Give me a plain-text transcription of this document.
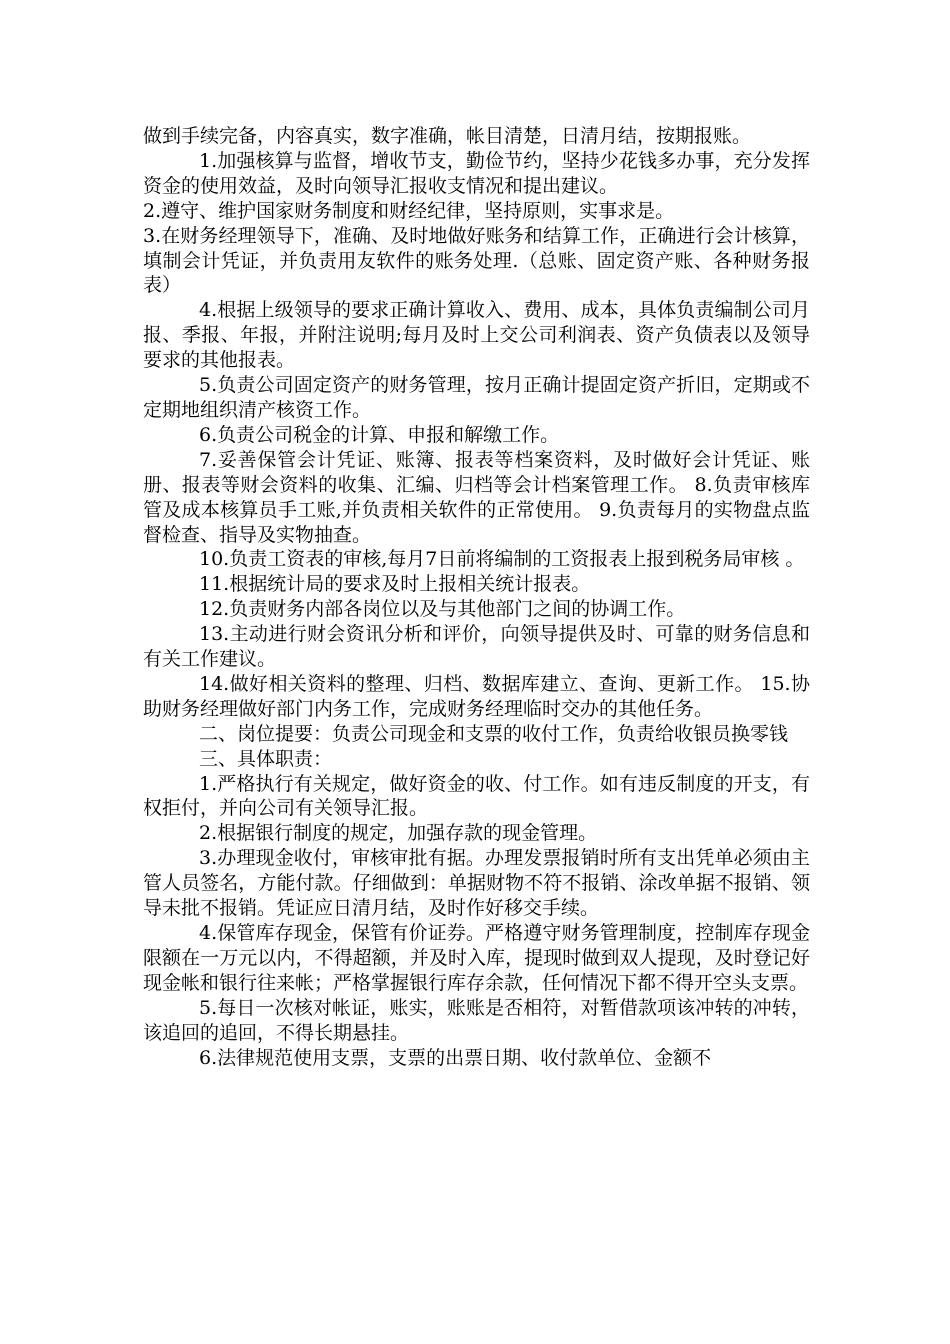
做到手续完备，内容真实，数字准确，帐目清楚，日清月结，按期报账。

1.加强核算与监督，增收节支，勤俭节约，坚持少花钱多办事，充分发挥资金的使用效益，及时向领导汇报收支情况和提出建议。

2.遵守、维护国家财务制度和财经纪律，坚持原则，实事求是。

3.在财务经理领导下，准确、及时地做好账务和结算工作，正确进行会计核算，填制会计凭证，并负责用友软件的账务处理.（总账、固定资产账、各种财务报表）

4.根据上级领导的要求正确计算收入、费用、成本，具体负责编制公司月报、季报、年报，并附注说明;每月及时上交公司利润表、资产负债表以及领导要求的其他报表。

5.负责公司固定资产的财务管理，按月正确计提固定资产折旧，定期或不定期地组织清产核资工作。

6.负责公司税金的计算、申报和解缴工作。

7.妥善保管会计凭证、账簿、报表等档案资料，及时做好会计凭证、账册、报表等财会资料的收集、汇编、归档等会计档案管理工作。 8.负责审核库管及成本核算员手工账,并负责相关软件的正常使用。 9.负责每月的实物盘点监督检查、指导及实物抽查。

10.负责工资表的审核,每月7日前将编制的工资报表上报到税务局审核 。

11.根据统计局的要求及时上报相关统计报表。

12.负责财务内部各岗位以及与其他部门之间的协调工作。

13.主动进行财会资讯分析和评价，向领导提供及时、可靠的财务信息和有关工作建议。

14.做好相关资料的整理、归档、数据库建立、查询、更新工作。 15.协助财务经理做好部门内务工作，完成财务经理临时交办的其他任务。

二、岗位提要：负责公司现金和支票的收付工作，负责给收银员换零钱

三、具体职责：

1.严格执行有关规定，做好资金的收、付工作。如有违反制度的开支，有权拒付，并向公司有关领导汇报。

2.根据银行制度的规定，加强存款的现金管理。

3.办理现金收付，审核审批有据。办理发票报销时所有支出凭单必须由主管人员签名，方能付款。仔细做到：单据财物不符不报销、涂改单据不报销、领导未批不报销。凭证应日清月结，及时作好移交手续。

4.保管库存现金，保管有价证券。严格遵守财务管理制度，控制库存现金限额在一万元以内，不得超额，并及时入库，提现时做到双人提现，及时登记好现金帐和银行往来帐；严格掌握银行库存余款，任何情况下都不得开空头支票。

5.每日一次核对帐证，账实，账账是否相符，对暂借款项该冲转的冲转，该追回的追回，不得长期悬挂。

6.法律规范使用支票，支票的出票日期、收付款单位、金额不
